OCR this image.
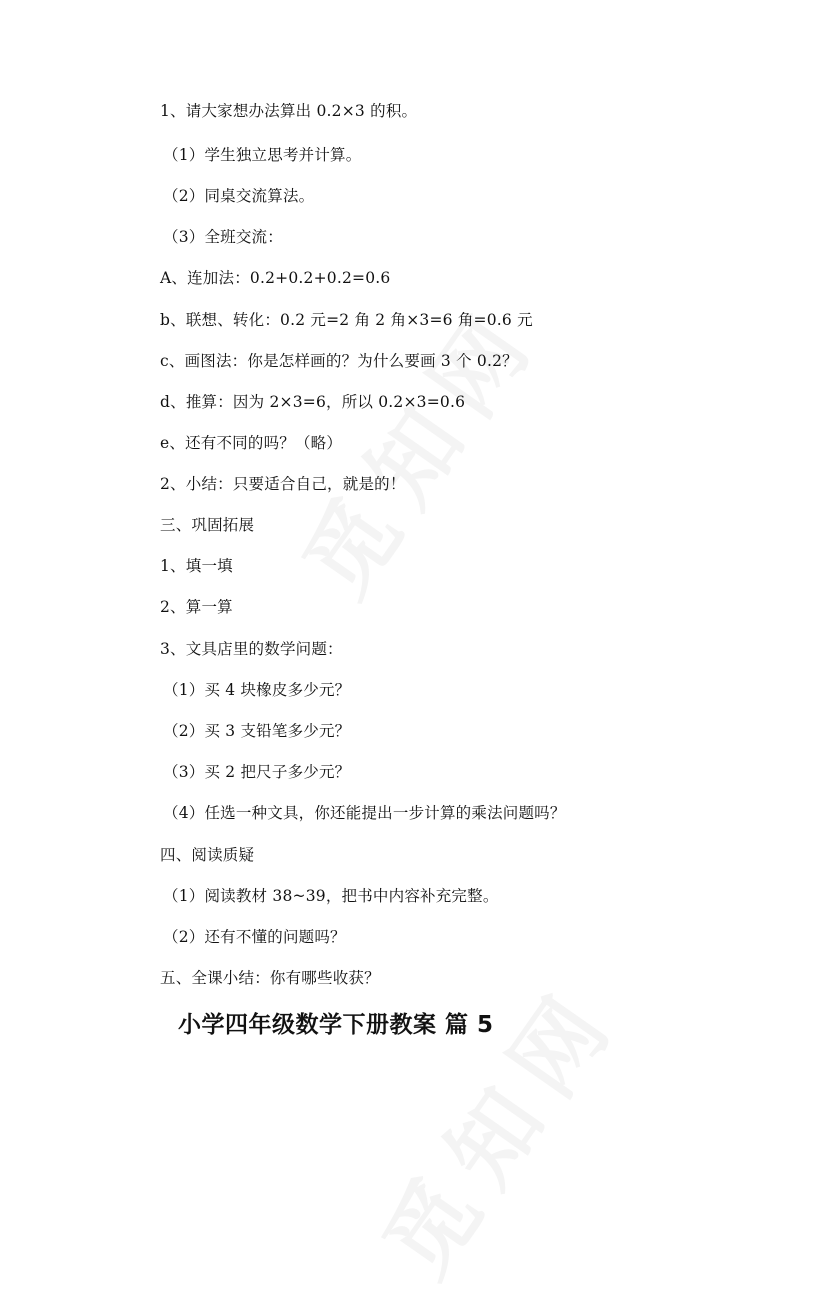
1、请大家想办法算出 0.2×3 的积。
（1）学生独立思考并计算。
（2）同桌交流算法。
（3）全班交流：
A、连加法：0.2+0.2+0.2=0.6
b、联想、转化：0.2 元=2 角 2 角×3=6 角=0.6 元
c、画图法：你是怎样画的？为什么要画 3 个 0.2？
d、推算：因为 2×3=6，所以 0.2×3=0.6
e、还有不同的吗？（略）
2、小结：只要适合自己，就是的！
三、巩固拓展
1、填一填
2、算一算
3、文具店里的数学问题：
（1）买 4 块橡皮多少元？
（2）买 3 支铅笔多少元？
（3）买 2 把尺子多少元？
（4）任选一种文具，你还能提出一步计算的乘法问题吗？
四、阅读质疑
（1）阅读教材 38~39，把书中内容补充完整。
（2）还有不懂的问题吗？
五、全课小结：你有哪些收获？
小学四年级数学下册教案 篇 5
